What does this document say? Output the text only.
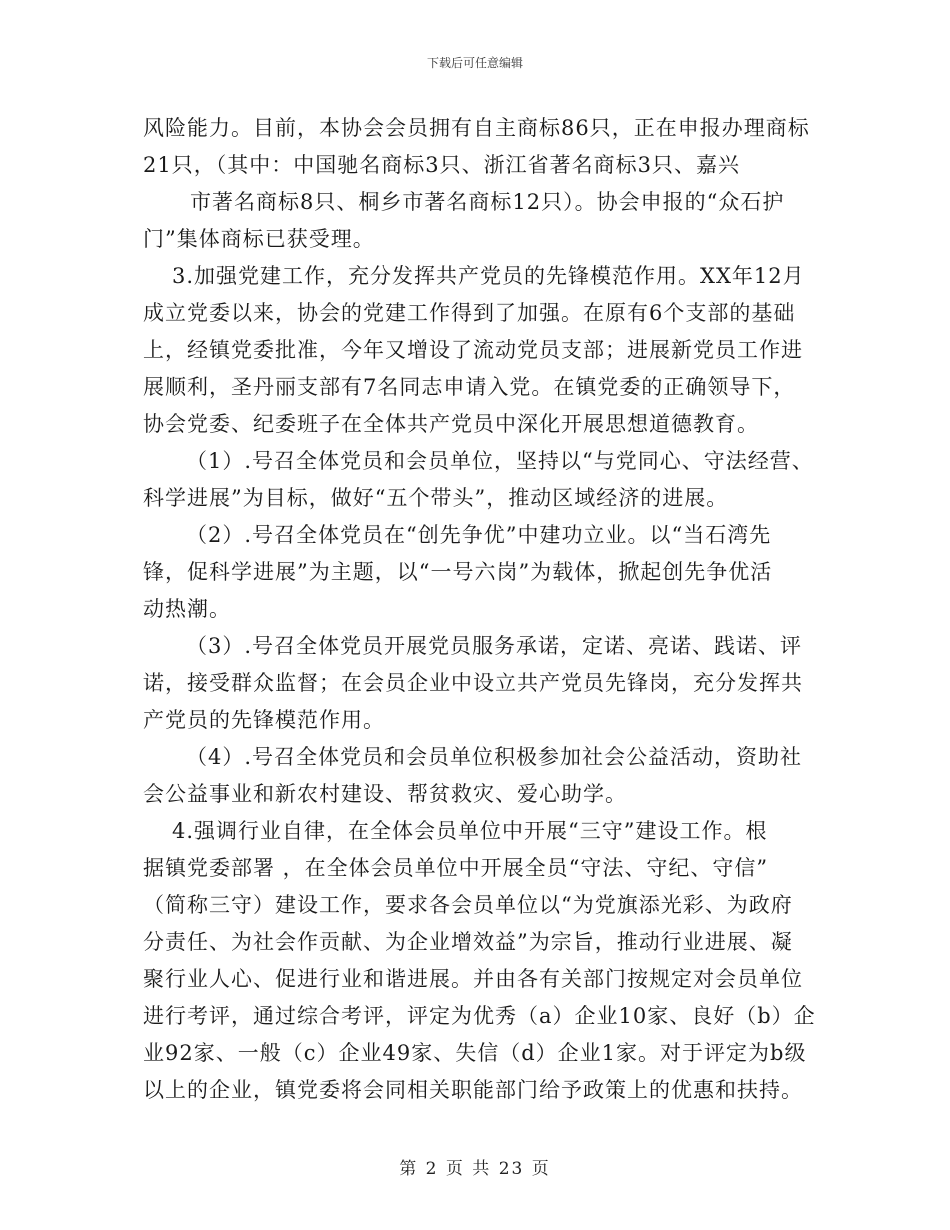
下载后可任意编辑
风险能力。目前，本协会会员拥有自主商标86只，正在申报办理商标
21只，（其中：中国驰名商标3只、浙江省著名商标3只、嘉兴
市著名商标8只、桐乡市著名商标12只）。协会申报的“众石护
门”集体商标已获受理。
3.加强党建工作，充分发挥共产党员的先锋模范作用。XX年12月
成立党委以来，协会的党建工作得到了加强。在原有6个支部的基础
上，经镇党委批准，今年又增设了流动党员支部；进展新党员工作进
展顺利，圣丹丽支部有7名同志申请入党。在镇党委的正确领导下，
协会党委、纪委班子在全体共产党员中深化开展思想道德教育。
（1）.号召全体党员和会员单位，坚持以“与党同心、守法经营、
科学进展”为目标，做好“五个带头”，推动区域经济的进展。
（2）.号召全体党员在“创先争优”中建功立业。以“当石湾先
锋，促科学进展”为主题，以“一号六岗”为载体，掀起创先争优活
动热潮。
（3）.号召全体党员开展党员服务承诺，定诺、亮诺、践诺、评
诺，接受群众监督；在会员企业中设立共产党员先锋岗，充分发挥共
产党员的先锋模范作用。
（4）.号召全体党员和会员单位积极参加社会公益活动，资助社
会公益事业和新农村建设、帮贫救灾、爱心助学。
4.强调行业自律，在全体会员单位中开展“三守”建设工作。根
据镇党委部署 ，在全体会员单位中开展全员“守法、守纪、守信”
（简称三守）建设工作，要求各会员单位以“为党旗添光彩、为政府
分责任、为社会作贡献、为企业增效益”为宗旨，推动行业进展、凝
聚行业人心、促进行业和谐进展。并由各有关部门按规定对会员单位
进行考评，通过综合考评，评定为优秀（a）企业10家、良好（b）企
业92家、一般（c）企业49家、失信（d）企业1家。对于评定为b级
以上的企业，镇党委将会同相关职能部门给予政策上的优惠和扶持。
第 2 页 共 23 页
